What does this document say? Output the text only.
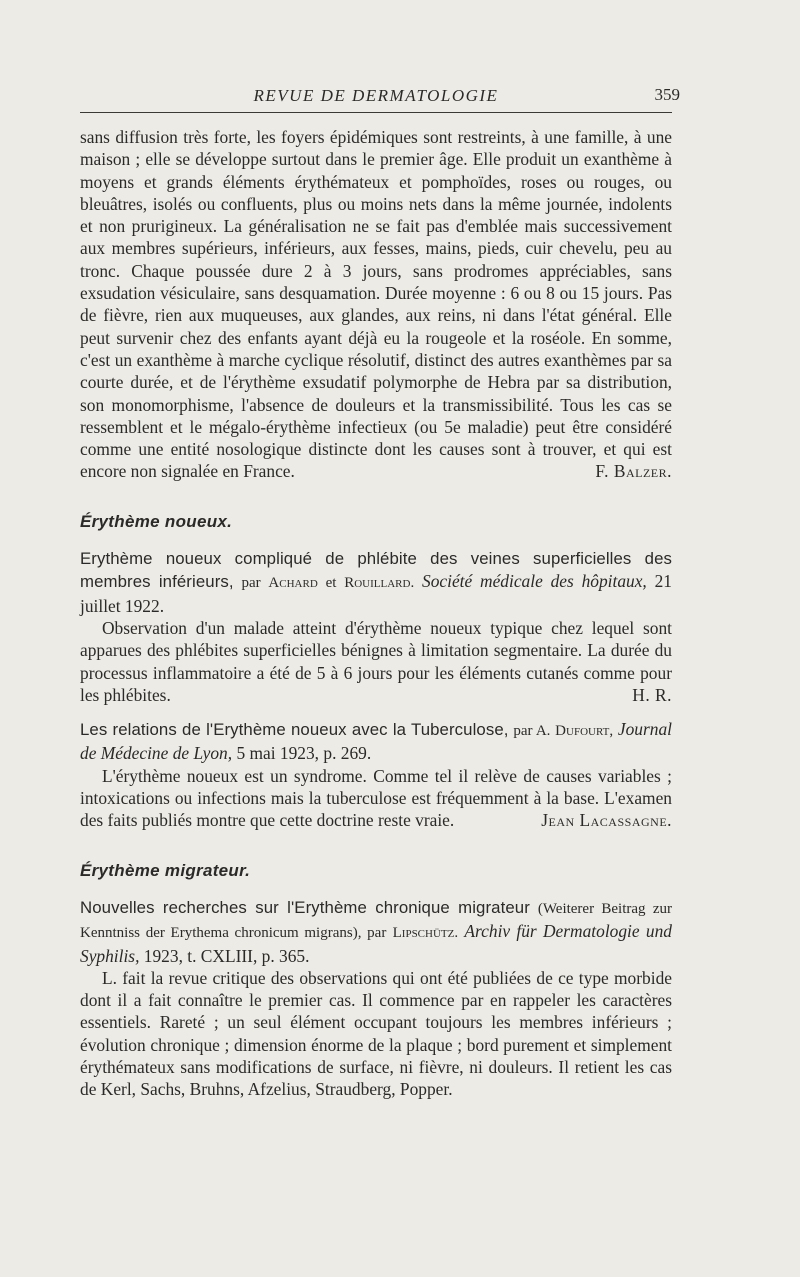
REVUE DE DERMATOLOGIE	359

sans diffusion très forte, les foyers épidémiques sont restreints, à une famille, à une maison ; elle se développe surtout dans le premier âge. Elle produit un exanthème à moyens et grands éléments érythémateux et pomphoïdes, roses ou rouges, ou bleuâtres, isolés ou confluents, plus ou moins nets dans la même journée, indolents et non prurigineux. La généralisation ne se fait pas d'emblée mais successivement aux membres supérieurs, inférieurs, aux fesses, mains, pieds, cuir chevelu, peu au tronc. Chaque poussée dure 2 à 3 jours, sans prodromes appréciables, sans exsudation vésiculaire, sans desquamation. Durée moyenne : 6 ou 8 ou 15 jours. Pas de fièvre, rien aux muqueuses, aux glandes, aux reins, ni dans l'état général. Elle peut survenir chez des enfants ayant déjà eu la rougeole et la roséole. En somme, c'est un exanthème à marche cyclique résolutif, distinct des autres exanthèmes par sa courte durée, et de l'érythème exsudatif polymorphe de Hebra par sa distribution, son monomorphisme, l'absence de douleurs et la transmissibilité. Tous les cas se ressemblent et le mégalo-érythème infectieux (ou 5e maladie) peut être considéré comme une entité nosologique distincte dont les causes sont à trouver, et qui est encore non signalée en France.	F. Balzer.

Érythème noueux.

Erythème noueux compliqué de phlébite des veines superficielles des membres inférieurs, par Achard et Rouillard. Société médicale des hôpitaux, 21 juillet 1922.

Observation d'un malade atteint d'érythème noueux typique chez lequel sont apparues des phlébites superficielles bénignes à limitation segmentaire. La durée du processus inflammatoire a été de 5 à 6 jours pour les éléments cutanés comme pour les phlébites.	H. R.

Les relations de l'Erythème noueux avec la Tuberculose, par A. Dufourt, Journal de Médecine de Lyon, 5 mai 1923, p. 269.

L'érythème noueux est un syndrome. Comme tel il relève de causes variables ; intoxications ou infections mais la tuberculose est fréquemment à la base. L'examen des faits publiés montre que cette doctrine reste vraie.	Jean Lacassagne.

Érythème migrateur.

Nouvelles recherches sur l'Erythème chronique migrateur (Weiterer Beitrag zur Kenntniss der Erythema chronicum migrans), par Lipschütz. Archiv für Dermatologie und Syphilis, 1923, t. CXLIII, p. 365.

L. fait la revue critique des observations qui ont été publiées de ce type morbide dont il a fait connaître le premier cas. Il commence par en rappeler les caractères essentiels. Rareté ; un seul élément occupant toujours les membres inférieurs ; évolution chronique ; dimension énorme de la plaque ; bord purement et simplement érythémateux sans modifications de surface, ni fièvre, ni douleurs. Il retient les cas de Kerl, Sachs, Bruhns, Afzelius, Straudberg, Popper.
